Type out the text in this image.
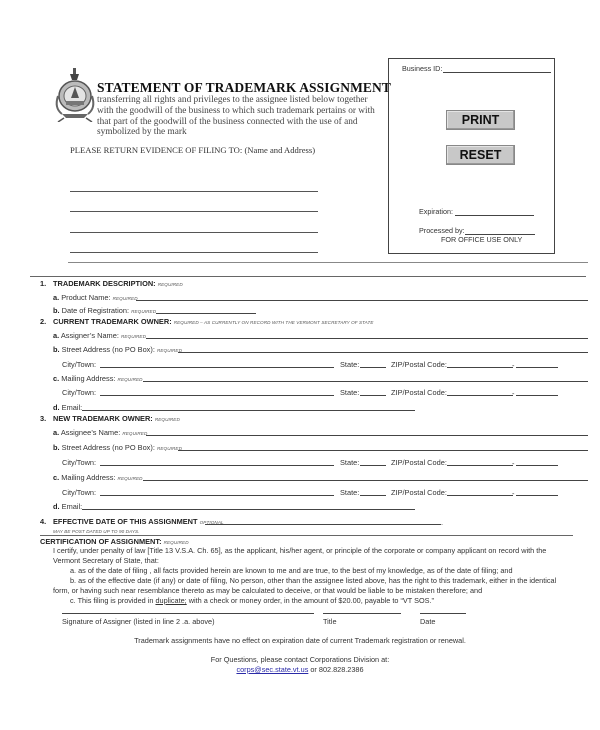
STATEMENT OF TRADEMARK ASSIGNMENT
transferring all rights and privileges to the assignee listed below together with the goodwill of the business to which such trademark pertains or with that part of the goodwill of the business connected with the use of and symbolized by the mark
PLEASE RETURN EVIDENCE OF FILING TO: (Name and Address)
Business ID:
PRINT
RESET
Expiration:
Processed by:
FOR OFFICE USE ONLY
1. TRADEMARK DESCRIPTION: REQUIRED
a. Product Name: REQUIRED
b. Date of Registration: REQUIRED
2. CURRENT TRADEMARK OWNER: REQUIRED – AS CURRENTLY ON RECORD WITH THE VERMONT SECRETARY OF STATE
a. Assigner’s Name: REQUIRED
b. Street Address (no PO Box): REQUIRED
City/Town:	State:	ZIP/Postal Code:	-
c. Mailing Address: REQUIRED
City/Town:	State:	ZIP/Postal Code:	-
d. Email:
3. NEW TRADEMARK OWNER: REQUIRED
a. Assignee’s Name: REQUIRED
b. Street Address (no PO Box): REQUIRED
City/Town:	State:	ZIP/Postal Code:	-
c. Mailing Address: REQUIRED
City/Town:	State:	ZIP/Postal Code:	-
d. Email:
4. EFFECTIVE DATE OF THIS ASSIGNMENT OPTIONAL	.
MAY BE POST DATED UP TO 90 DAYS.
CERTIFICATION OF ASSIGNMENT: REQUIRED
I certify, under penalty of law [Title 13 V.S.A. Ch. 65], as the applicant, his/her agent, or principle of the corporate or company applicant on record with the
Vermont Secretary of State, that:
a. as of the date of filing , all facts provided herein are known to me and are true, to the best of my knowledge, as of the date of filing; and
b. as of the effective date (if any) or date of filing, No person, other than the assignee listed above, has the right to this trademark, either in the identical
form, or having such near resemblance thereto as may be calculated to deceive, or that would be liable to be mistaken therefore; and
c. This filing is provided in duplicate; with a check or money order, in the amount of $20.00, payable to “VT SOS.”
Signature of Assigner (listed in line 2 .a. above)	Title	Date
Trademark assignments have no effect on expiration date of current Trademark registration or renewal.
For Questions, please contact Corporations Division at:
corps@sec.state.vt.us or 802.828.2386
